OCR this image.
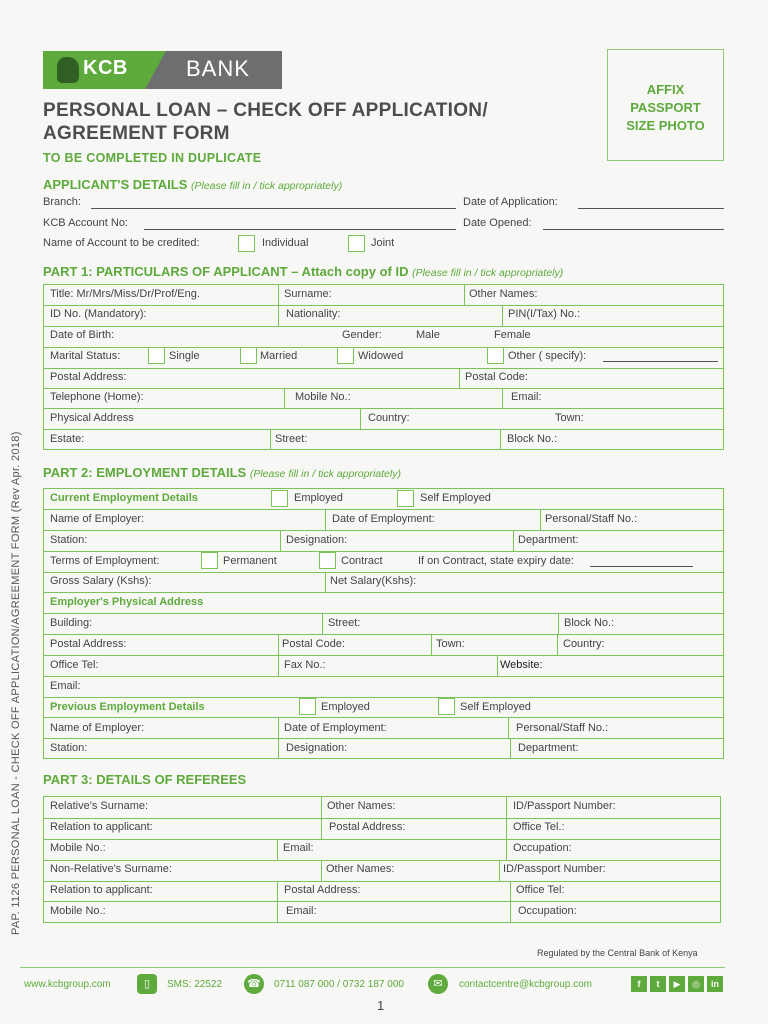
KCB	BANK
PERSONAL LOAN – CHECK OFF APPLICATION/
AGREEMENT FORM
TO BE COMPLETED IN DUPLICATE
AFFIX
PASSPORT
SIZE PHOTO
PAP. 1126 PERSONAL LOAN - CHECK OFF APPLICATION/AGREEMENT FORM (Rev Apr. 2018)
APPLICANT'S DETAILS (Please fill in / tick appropriately)
Branch:	Date of Application:
KCB Account No:	Date Opened:
Name of Account to be credited:	Individual	Joint
PART 1: PARTICULARS OF APPLICANT – Attach copy of ID (Please fill in / tick appropriately)
Title: Mr/Mrs/Miss/Dr/Prof/Eng.	Surname:	Other Names:
ID No. (Mandatory):	Nationality:	PIN(I/Tax) No.:
Date of Birth:	Gender:	Male	Female
Marital Status:	Single	Married	Widowed	Other ( specify):
Postal Address:	Postal Code:
Telephone (Home):	Mobile No.:	Email:
Physical Address	Country:	Town:
Estate:	Street:	Block No.:
PART 2: EMPLOYMENT DETAILS (Please fill in / tick appropriately)
Current Employment Details	Employed	Self Employed
Name of Employer:	Date of Employment:	Personal/Staff No.:
Station:	Designation:	Department:
Terms of Employment:	Permanent	Contract	If on Contract, state expiry date:
Gross Salary (Kshs):	Net Salary(Kshs):
Employer's Physical Address
Building:	Street:	Block No.:
Postal Address:	Postal Code:	Town:	Country:
Office Tel:	Fax No.:	Website:
Email:
Previous Employment Details	Employed	Self Employed
Name of Employer:	Date of Employment:	Personal/Staff No.:
Station:	Designation:	Department:
PART 3: DETAILS OF REFEREES
Relative's Surname:	Other Names:	ID/Passport Number:
Relation to applicant:	Postal Address:	Office Tel.:
Mobile No.:	Email:	Occupation:
Non-Relative's Surname:	Other Names:	ID/Passport Number:
Relation to applicant:	Postal Address:	Office Tel:
Mobile No.:	Email:	Occupation:
Regulated by the Central Bank of Kenya
www.kcbgroup.com	▯	SMS: 22522 ☎	0711 087 000 / 0732 187 000	✉	contactcentre@kcbgroup.com	f	t	▶	◎	in
1
